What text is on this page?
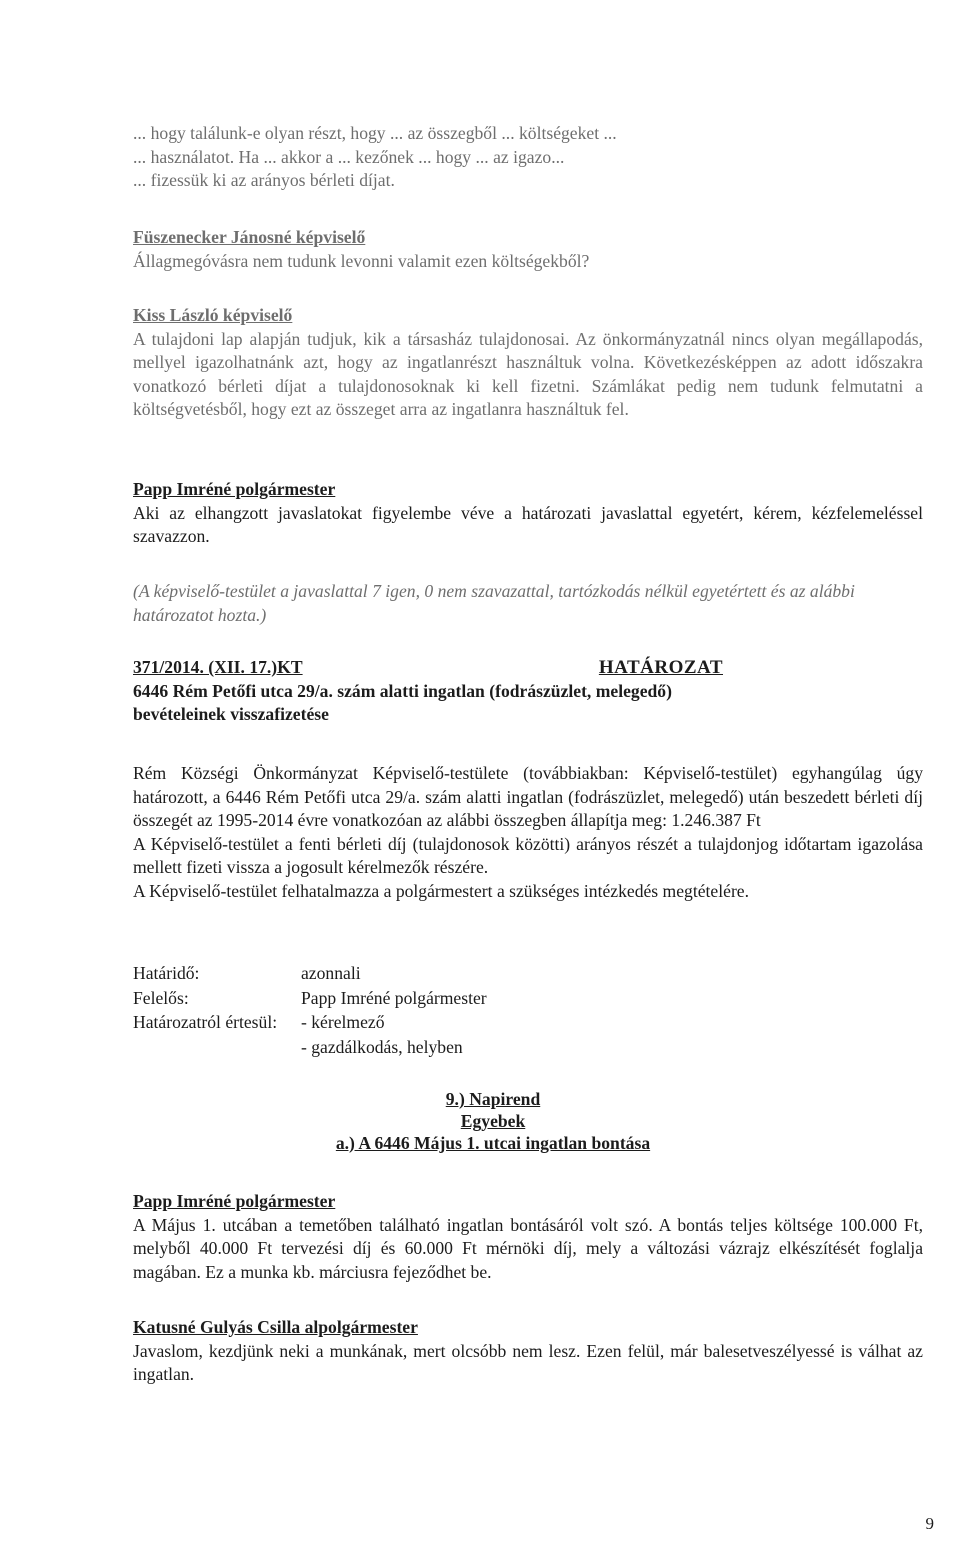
... hogy találunk-e olyan részt, hogy ... az összegből ... költségeket ...

... használatot. Ha ... akkor a ... kezőnek ... hogy ... az igazo...

... fizessük ki az arányos bérleti díjat.

Füszenecker Jánosné képviselő

Állagmegóvásra nem tudunk levonni valamit ezen költségekből?

Kiss László képviselő

A tulajdoni lap alapján tudjuk, kik a társasház tulajdonosai. Az önkormányzatnál nincs olyan megállapodás, mellyel igazolhatnánk azt, hogy az ingatlanrészt használtuk volna. Következésképpen az adott időszakra vonatkozó bérleti díjat a tulajdonosoknak ki kell fizetni. Számlákat pedig nem tudunk felmutatni a költségvetésből, hogy ezt az összeget arra az ingatlanra használtuk fel.

Papp Imréné polgármester

Aki az elhangzott javaslatokat figyelembe véve a határozati javaslattal egyetért, kérem, kézfelemeléssel szavazzon.

(A képviselő-testület a javaslattal 7 igen, 0 nem szavazattal, tartózkodás nélkül egyetértett és az alábbi határozatot hozta.)
371/2014. (XII. 17.)KT	HATÁROZAT

6446 Rém Petőfi utca 29/a. szám alatti ingatlan (fodrászüzlet, melegedő)

bevételeinek visszafizetése

Rém Községi Önkormányzat Képviselő-testülete (továbbiakban: Képviselő-testület) egyhangúlag úgy határozott, a 6446 Rém Petőfi utca 29/a. szám alatti ingatlan (fodrászüzlet, melegedő) után beszedett bérleti díj összegét az 1995-2014 évre vonatkozóan az alábbi összegben állapítja meg: 1.246.387 Ft

A Képviselő-testület a fenti bérleti díj (tulajdonosok közötti) arányos részét a tulajdonjog időtartam igazolása mellett fizeti vissza a jogosult kérelmezők részére.

A Képviselő-testület felhatalmazza a polgármestert a szükséges intézkedés megtételére.

Határidő:	azonnali
Felelős:	Papp Imréné polgármester
Határozatról értesül:	- kérelmező
- gazdálkodás, helyben
9.) Napirend
Egyebek
a.) A 6446 Május 1. utcai ingatlan bontása

Papp Imréné polgármester

A Május 1. utcában a temetőben található ingatlan bontásáról volt szó. A bontás teljes költsége 100.000 Ft, melyből 40.000 Ft tervezési díj és 60.000 Ft mérnöki díj, mely a változási vázrajz elkészítését foglalja magában. Ez a munka kb. márciusra fejeződhet be.

Katusné Gulyás Csilla alpolgármester

Javaslom, kezdjünk neki a munkának, mert olcsóbb nem lesz. Ezen felül, már balesetveszélyessé is válhat az ingatlan.

9
